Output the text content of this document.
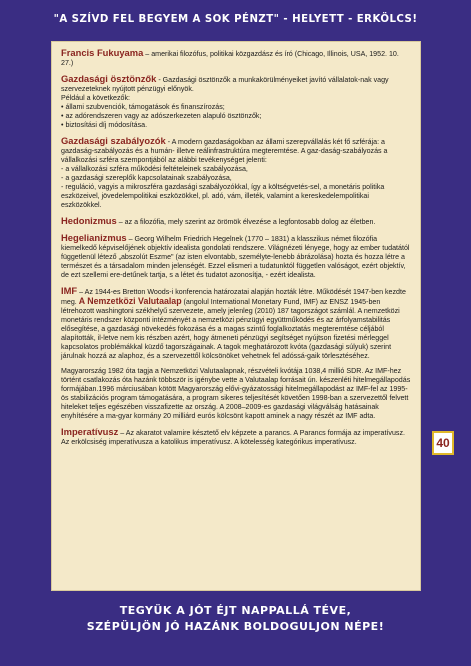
"A SZÍVD FEL BEGYEM A SOK PÉNZT" - HELYETT - ERKÖLCS!

Francis Fukuyama – amerikai filozófus, politikai közgazdász és író (Chicago, Illinois, USA, 1952. 10. 27.)

Gazdasági ösztönzők - Gazdasági ösztönzők a munkakörülményeiket javító vállalatok-nak vagy szervezeteknek nyújtott pénzügyi előnyök.

Például a következők:

• állami szubvenciók, támogatások és finanszírozás;

• az adórendszeren vagy az adószerkezeten alapuló ösztönzők;

• biztosítási díj módosítása.

Gazdasági szabályozók - A modern gazdaságokban az állami szerepvállalás két fő szférája: a gazdaság-szabályozás és a humán- illetve reálinfrastruktúra megteremtése. A gaz-daság-szabályozás a vállalkozási szféra szempontjából az alábbi tevékenységet jelenti:

- a vállalkozási szféra működési feltételeinek szabályozása,

- a gazdasági szereplők kapcsolatainak szabályozása,

- reguláció, vagyis a mikroszféra gazdasági szabályozókkal, így a költségvetés-sel, a monetáris politika eszközeivel, jövedelempolitikai eszközökkel, pl. adó, vám, illeték, valamint a kereskedelempolitikai eszközökkel.

Hedonizmus – az a filozófia, mely szerint az örömök élvezése a legfontosabb dolog az életben.

Hegelianizmus – Georg Wilhelm Friedrich Hegelnek (1770 – 1831) a klasszikus német filozófia kiemelkedő képviselőjének objektív idealista gondolati rendszere. Világnézeti lényege, hogy az ember tudatától függetlenül létező „abszolút Eszme" (az isten elvontabb, személyte-lenebb ábrázolása) hozta és hozza létre a természet és a társadalom minden jelenségét. Ezzel elismeri a tudatunktól független valóságot, ezért objektív, de ezt szellemi ere-detűnek tartja, s a létet és tudatot azonosítja, - ezért idealista.

IMF – Az 1944-es Bretton Woods-i konferencia határozatai alapján hozták létre. Működését 1947-ben kezdte meg. A Nemzetközi Valutaalap (angolul International Monetary Fund, IMF) az ENSZ 1945-ben létrehozott washingtoni székhelyű szervezete, amely jelenleg (2010) 187 tagországot számlál. A nemzetközi monetáris rendszer központi intézményét a nemzetközi pénzügyi együttműködés és az árfolyamstabilitás elősegítése, a gazdasági növekedés fokozása és a magas szintű foglalkoztatás megteremtése céljából alapították, il-letve nem kis részben azért, hogy átmeneti pénzügyi segítséget nyújtson fizetési mérleggel kapcsolatos problémákkal küzdő tagországainak. A tagok meghatározott kvóta (gazdasági súlyuk) szerint járulnak hozzá az alaphoz, és a szervezettől kölcsönöket vehetnek fel adóssá-gaik törlesztéséhez.

Magyarország 1982 óta tagja a Nemzetközi Valutaalapnak, részvételi kvótája 1038,4 millió SDR. Az IMF-hez történt csatlakozás óta hazánk többször is igénybe vette a Valutaalap forrásait ún. készenléti hitelmegállapodás formájában.1996 márciusában kötött Magyarország elővi-gyázatossági hitelmegállapodást az IMF-fel az 1995-ös stabilizációs program támogatására, a program sikeres teljesítését követően 1998-ban a szervezettől felvett hiteleket teljes egészében visszafizette az ország. A 2008–2009-es gazdasági világválság hatásainak enyhítésére a ma-gyar kormány 20 milliárd eurós kölcsönt kapott aminek a nagy részét az IMF adta.

Imperatívusz – Az akaratot valamire késztető elv képzete a parancs. A Parancs formája az imperatívusz. Az erkölcsiség imperatívusza a katolikus imperatívusz. A kötelesség kategórikus imperatívusz.	40
TEGYÜK A JÓT ÉJT NAPPALLÁ TÉVE,
SZÉPÜLJÖN JÓ HAZÁNK BOLDOGULJON NÉPE!
